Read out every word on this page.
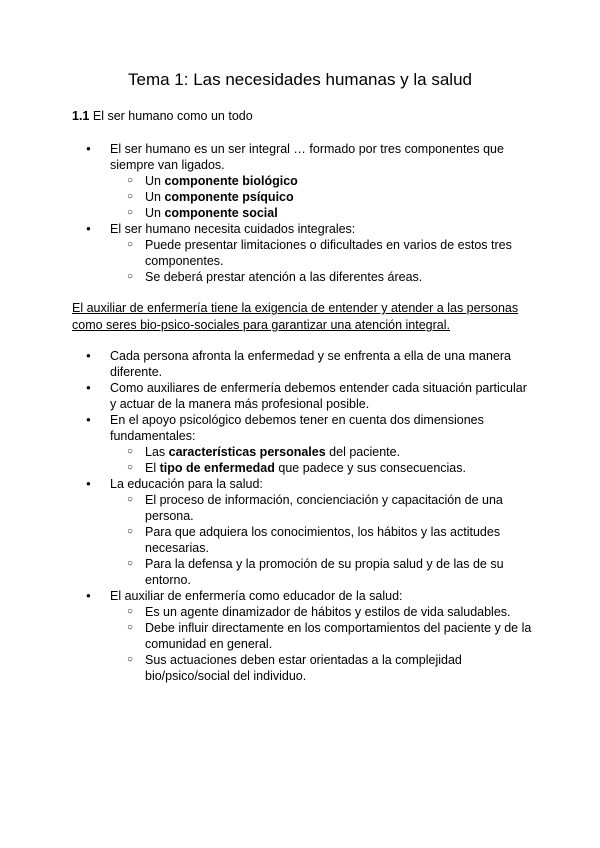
Tema 1: Las necesidades humanas y la salud
1.1 El ser humano como un todo
● El ser humano es un ser integral … formado por tres componentes que siempre van ligados.
○ Un componente biológico
○ Un componente psíquico
○ Un componente social
● El ser humano necesita cuidados integrales:
○ Puede presentar limitaciones o dificultades en varios de estos tres componentes.
○ Se deberá prestar atención a las diferentes áreas.
El auxiliar de enfermería tiene la exigencia de entender y atender a las personas como seres bio-psico-sociales para garantizar una atención integral.
● Cada persona afronta la enfermedad y se enfrenta a ella de una manera diferente.
● Como auxiliares de enfermería debemos entender cada situación particular y actuar de la manera más profesional posible.
● En el apoyo psicológico debemos tener en cuenta dos dimensiones fundamentales:
○ Las características personales del paciente.
○ El tipo de enfermedad que padece y sus consecuencias.
● La educación para la salud:
○ El proceso de información, concienciación y capacitación de una persona.
○ Para que adquiera los conocimientos, los hábitos y las actitudes necesarias.
○ Para la defensa y la promoción de su propia salud y de las de su entorno.
● El auxiliar de enfermería como educador de la salud:
○ Es un agente dinamizador de hábitos y estilos de vida saludables.
○ Debe influir directamente en los comportamientos del paciente y de la comunidad en general.
○ Sus actuaciones deben estar orientadas a la complejidad bio/psico/social del individuo.
